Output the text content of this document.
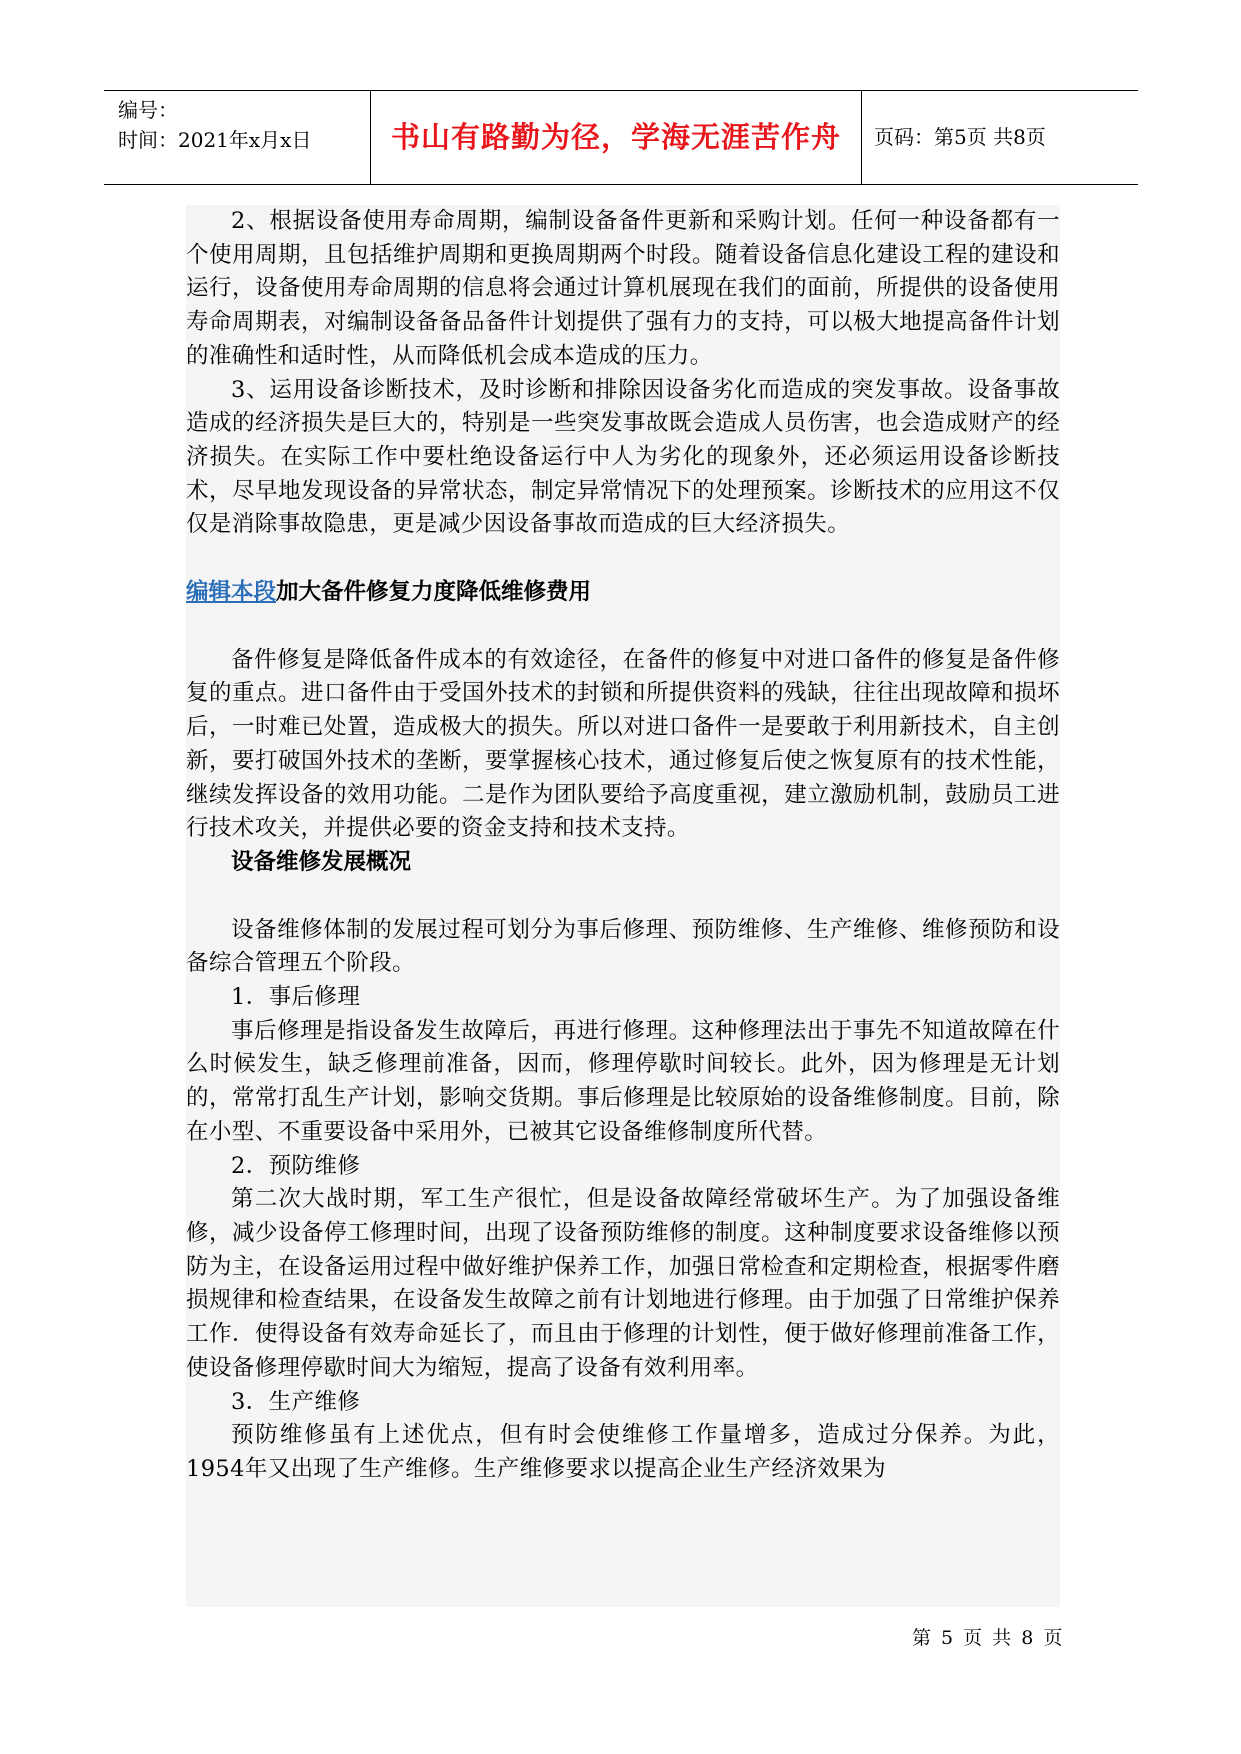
编号：
时间：2021年x月x日	书山有路勤为径，学海无涯苦作舟	页码：第5页 共8页

2、根据设备使用寿命周期，编制设备备件更新和采购计划。任何一种设备都有一个使用周期，且包括维护周期和更换周期两个时段。随着设备信息化建设工程的建设和运行，设备使用寿命周期的信息将会通过计算机展现在我们的面前，所提供的设备使用寿命周期表，对编制设备备品备件计划提供了强有力的支持，可以极大地提高备件计划的准确性和适时性，从而降低机会成本造成的压力。

3、运用设备诊断技术，及时诊断和排除因设备劣化而造成的突发事故。设备事故造成的经济损失是巨大的，特别是一些突发事故既会造成人员伤害，也会造成财产的经济损失。在实际工作中要杜绝设备运行中人为劣化的现象外，还必须运用设备诊断技术，尽早地发现设备的异常状态，制定异常情况下的处理预案。诊断技术的应用这不仅仅是消除事故隐患，更是减少因设备事故而造成的巨大经济损失。

编辑本段加大备件修复力度降低维修费用

备件修复是降低备件成本的有效途径，在备件的修复中对进口备件的修复是备件修复的重点。进口备件由于受国外技术的封锁和所提供资料的残缺，往往出现故障和损坏后，一时难已处置，造成极大的损失。所以对进口备件一是要敢于利用新技术，自主创新，要打破国外技术的垄断，要掌握核心技术，通过修复后使之恢复原有的技术性能，继续发挥设备的效用功能。二是作为团队要给予高度重视，建立激励机制，鼓励员工进行技术攻关，并提供必要的资金支持和技术支持。

设备维修发展概况

设备维修体制的发展过程可划分为事后修理、预防维修、生产维修、维修预防和设备综合管理五个阶段。

1．事后修理

事后修理是指设备发生故障后，再进行修理。这种修理法出于事先不知道故障在什么时候发生，缺乏修理前准备，因而，修理停歇时间较长。此外，因为修理是无计划的，常常打乱生产计划，影响交货期。事后修理是比较原始的设备维修制度。目前，除在小型、不重要设备中采用外，已被其它设备维修制度所代替。

2．预防维修

第二次大战时期，军工生产很忙，但是设备故障经常破坏生产。为了加强设备维修，减少设备停工修理时间，出现了设备预防维修的制度。这种制度要求设备维修以预防为主，在设备运用过程中做好维护保养工作，加强日常检查和定期检查，根据零件磨损规律和检查结果，在设备发生故障之前有计划地进行修理。由于加强了日常维护保养工作．使得设备有效寿命延长了，而且由于修理的计划性，便于做好修理前准备工作，使设备修理停歇时间大为缩短，提高了设备有效利用率。

3．生产维修

预防维修虽有上述优点，但有时会使维修工作量增多，造成过分保养。为此，1954年又出现了生产维修。生产维修要求以提高企业生产经济效果为

第 5 页 共 8 页
